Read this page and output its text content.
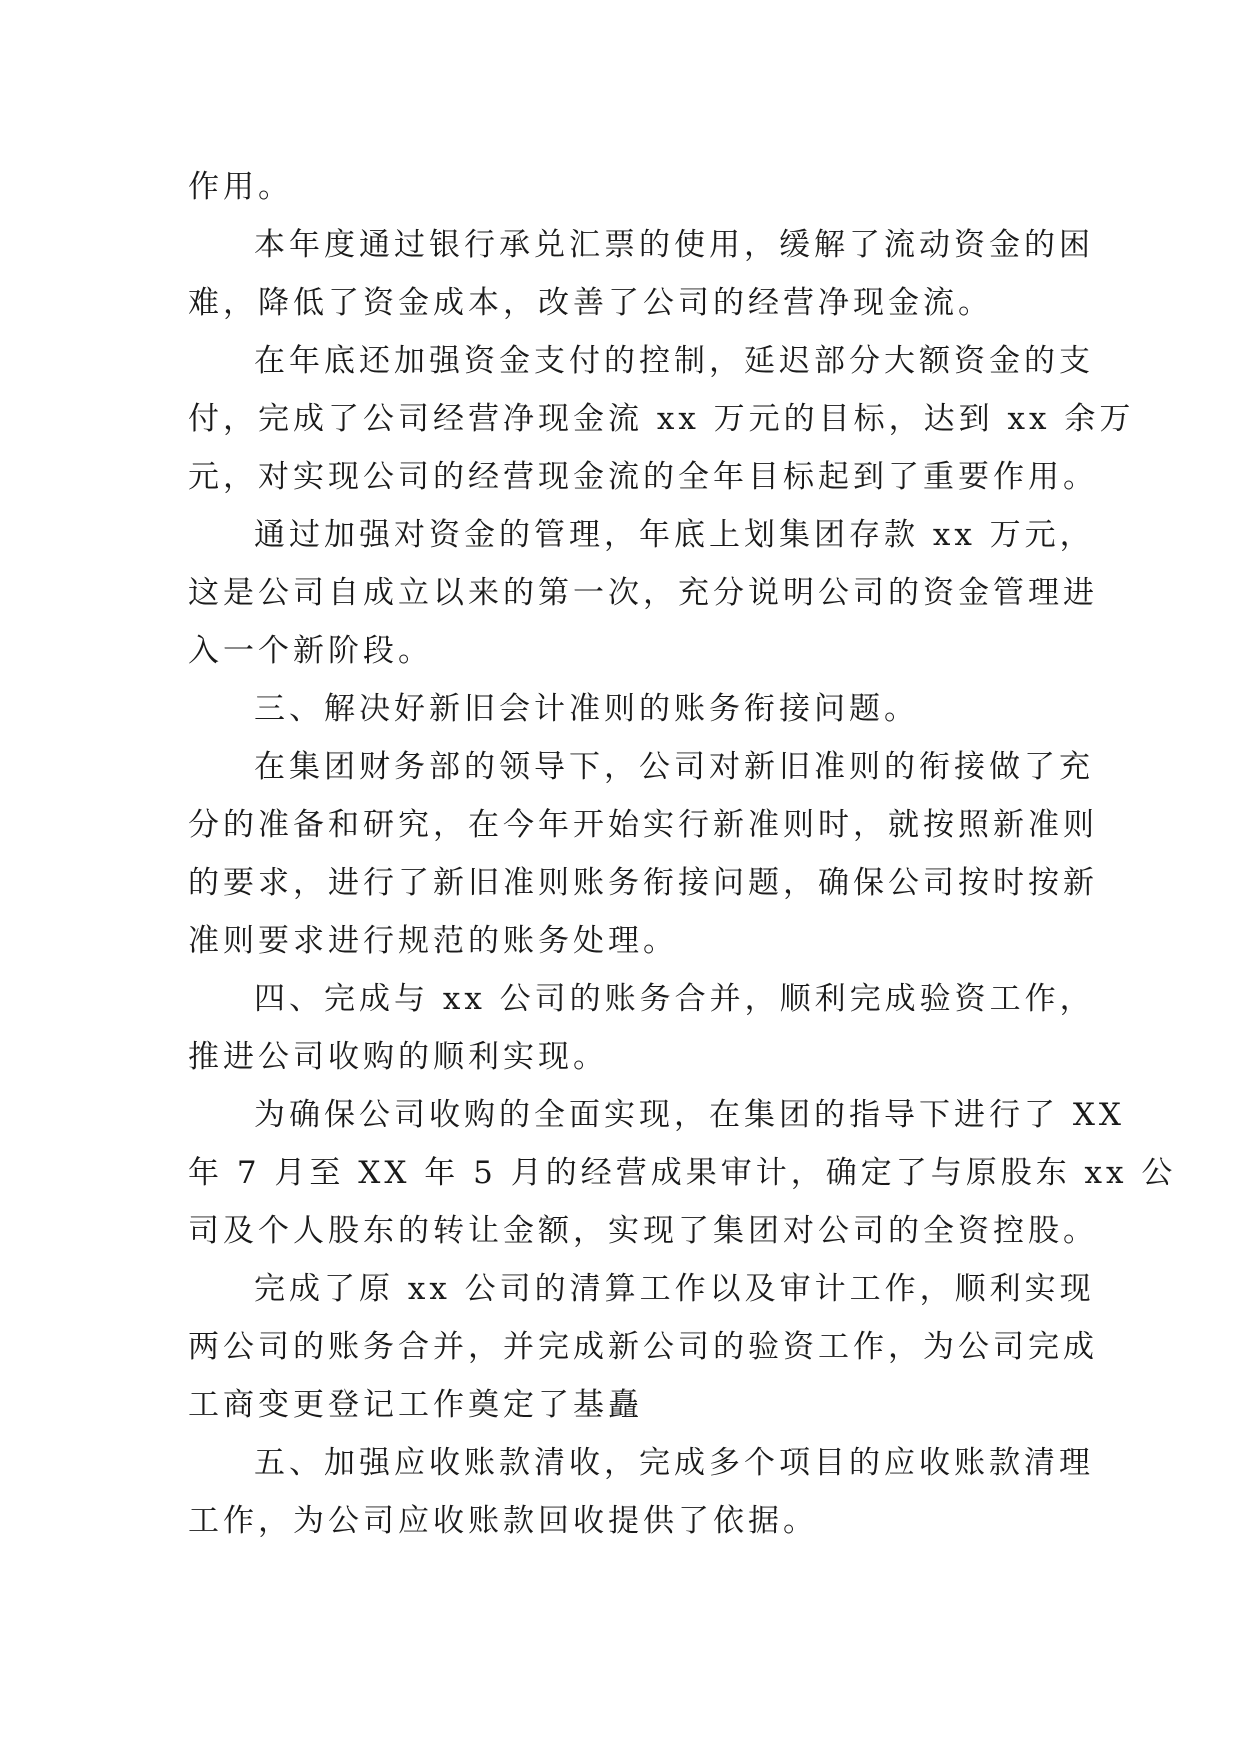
作用。
本年度通过银行承兑汇票的使用，缓解了流动资金的困
难，降低了资金成本，改善了公司的经营净现金流。
在年底还加强资金支付的控制，延迟部分大额资金的支
付，完成了公司经营净现金流 xx 万元的目标，达到 xx 余万
元，对实现公司的经营现金流的全年目标起到了重要作用。
通过加强对资金的管理，年底上划集团存款 xx 万元，
这是公司自成立以来的第一次，充分说明公司的资金管理进
入一个新阶段。
三、解决好新旧会计准则的账务衔接问题。
在集团财务部的领导下，公司对新旧准则的衔接做了充
分的准备和研究，在今年开始实行新准则时，就按照新准则
的要求，进行了新旧准则账务衔接问题，确保公司按时按新
准则要求进行规范的账务处理。
四、完成与 xx 公司的账务合并，顺利完成验资工作，
推进公司收购的顺利实现。
为确保公司收购的全面实现，在集团的指导下进行了 XX
年 7 月至 XX 年 5 月的经营成果审计，确定了与原股东 xx 公
司及个人股东的转让金额，实现了集团对公司的全资控股。
完成了原 xx 公司的清算工作以及审计工作，顺利实现
两公司的账务合并，并完成新公司的验资工作，为公司完成
工商变更登记工作奠定了基矗
五、加强应收账款清收，完成多个项目的应收账款清理
工作，为公司应收账款回收提供了依据。
